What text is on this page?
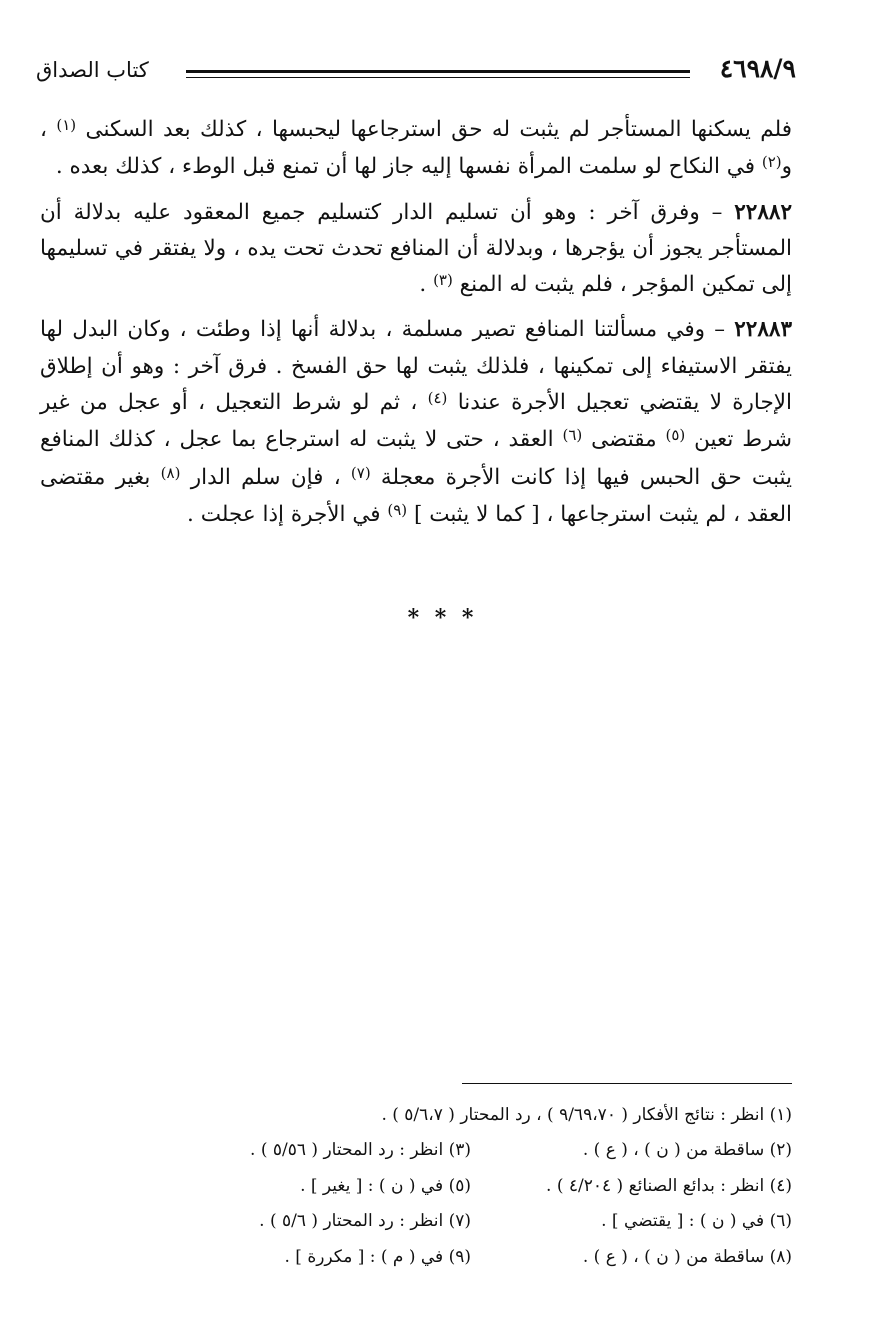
٤٦٩٨/٩
كتاب الصداق

فلم يسكنها المستأجر لم يثبت له حق استرجاعها ليحبسها ، كذلك بعد السكنى $^{(١)}$ ، و$^{(٢)}$ في النكاح لو سلمت المرأة نفسها إليه جاز لها أن تمنع قبل الوطء ، كذلك بعده .

٢٢٨٨٢ – وفرق آخر : وهو أن تسليم الدار كتسليم جميع المعقود عليه بدلالة أن المستأجر يجوز أن يؤجرها ، وبدلالة أن المنافع تحدث تحت يده ، ولا يفتقر في تسليمها إلى تمكين المؤجر ، فلم يثبت له المنع $^{(٣)}$ .

٢٢٨٨٣ – وفي مسألتنا المنافع تصير مسلمة ، بدلالة أنها إذا وطئت ، وكان البدل لها يفتقر الاستيفاء إلى تمكينها ، فلذلك يثبت لها حق الفسخ . فرق آخر : وهو أن إطلاق الإجارة لا يقتضي تعجيل الأجرة عندنا $^{(٤)}$ ، ثم لو شرط التعجيل ، أو عجل من غير شرط تعين $^{(٥)}$ مقتضى $^{(٦)}$ العقد ، حتى لا يثبت له استرجاع بما عجل ، كذلك المنافع يثبت حق الحبس فيها إذا كانت الأجرة معجلة $^{(٧)}$ ، فإن سلم الدار $^{(٨)}$ بغير مقتضى العقد ، لم يثبت استرجاعها ، [ كما لا يثبت ] $^{(٩)}$ في الأجرة إذا عجلت .

* * *
(١) انظر : نتائج الأفكار ( ٩/٦٩،٧٠ ) ، رد المحتار ( ٥/٦،٧ ) .
(٢) ساقطة من ( ن ) ، ( ع ) .
(٣) انظر : رد المحتار ( ٥/٥٦ ) .
(٤) انظر : بدائع الصنائع ( ٤/٢٠٤ ) .
(٥) في ( ن ) : [ يغير ] .
(٦) في ( ن ) : [ يقتضي ] .
(٧) انظر : رد المحتار ( ٥/٦ ) .
(٨) ساقطة من ( ن ) ، ( ع ) .
(٩) في ( م ) : [ مكررة ] .
